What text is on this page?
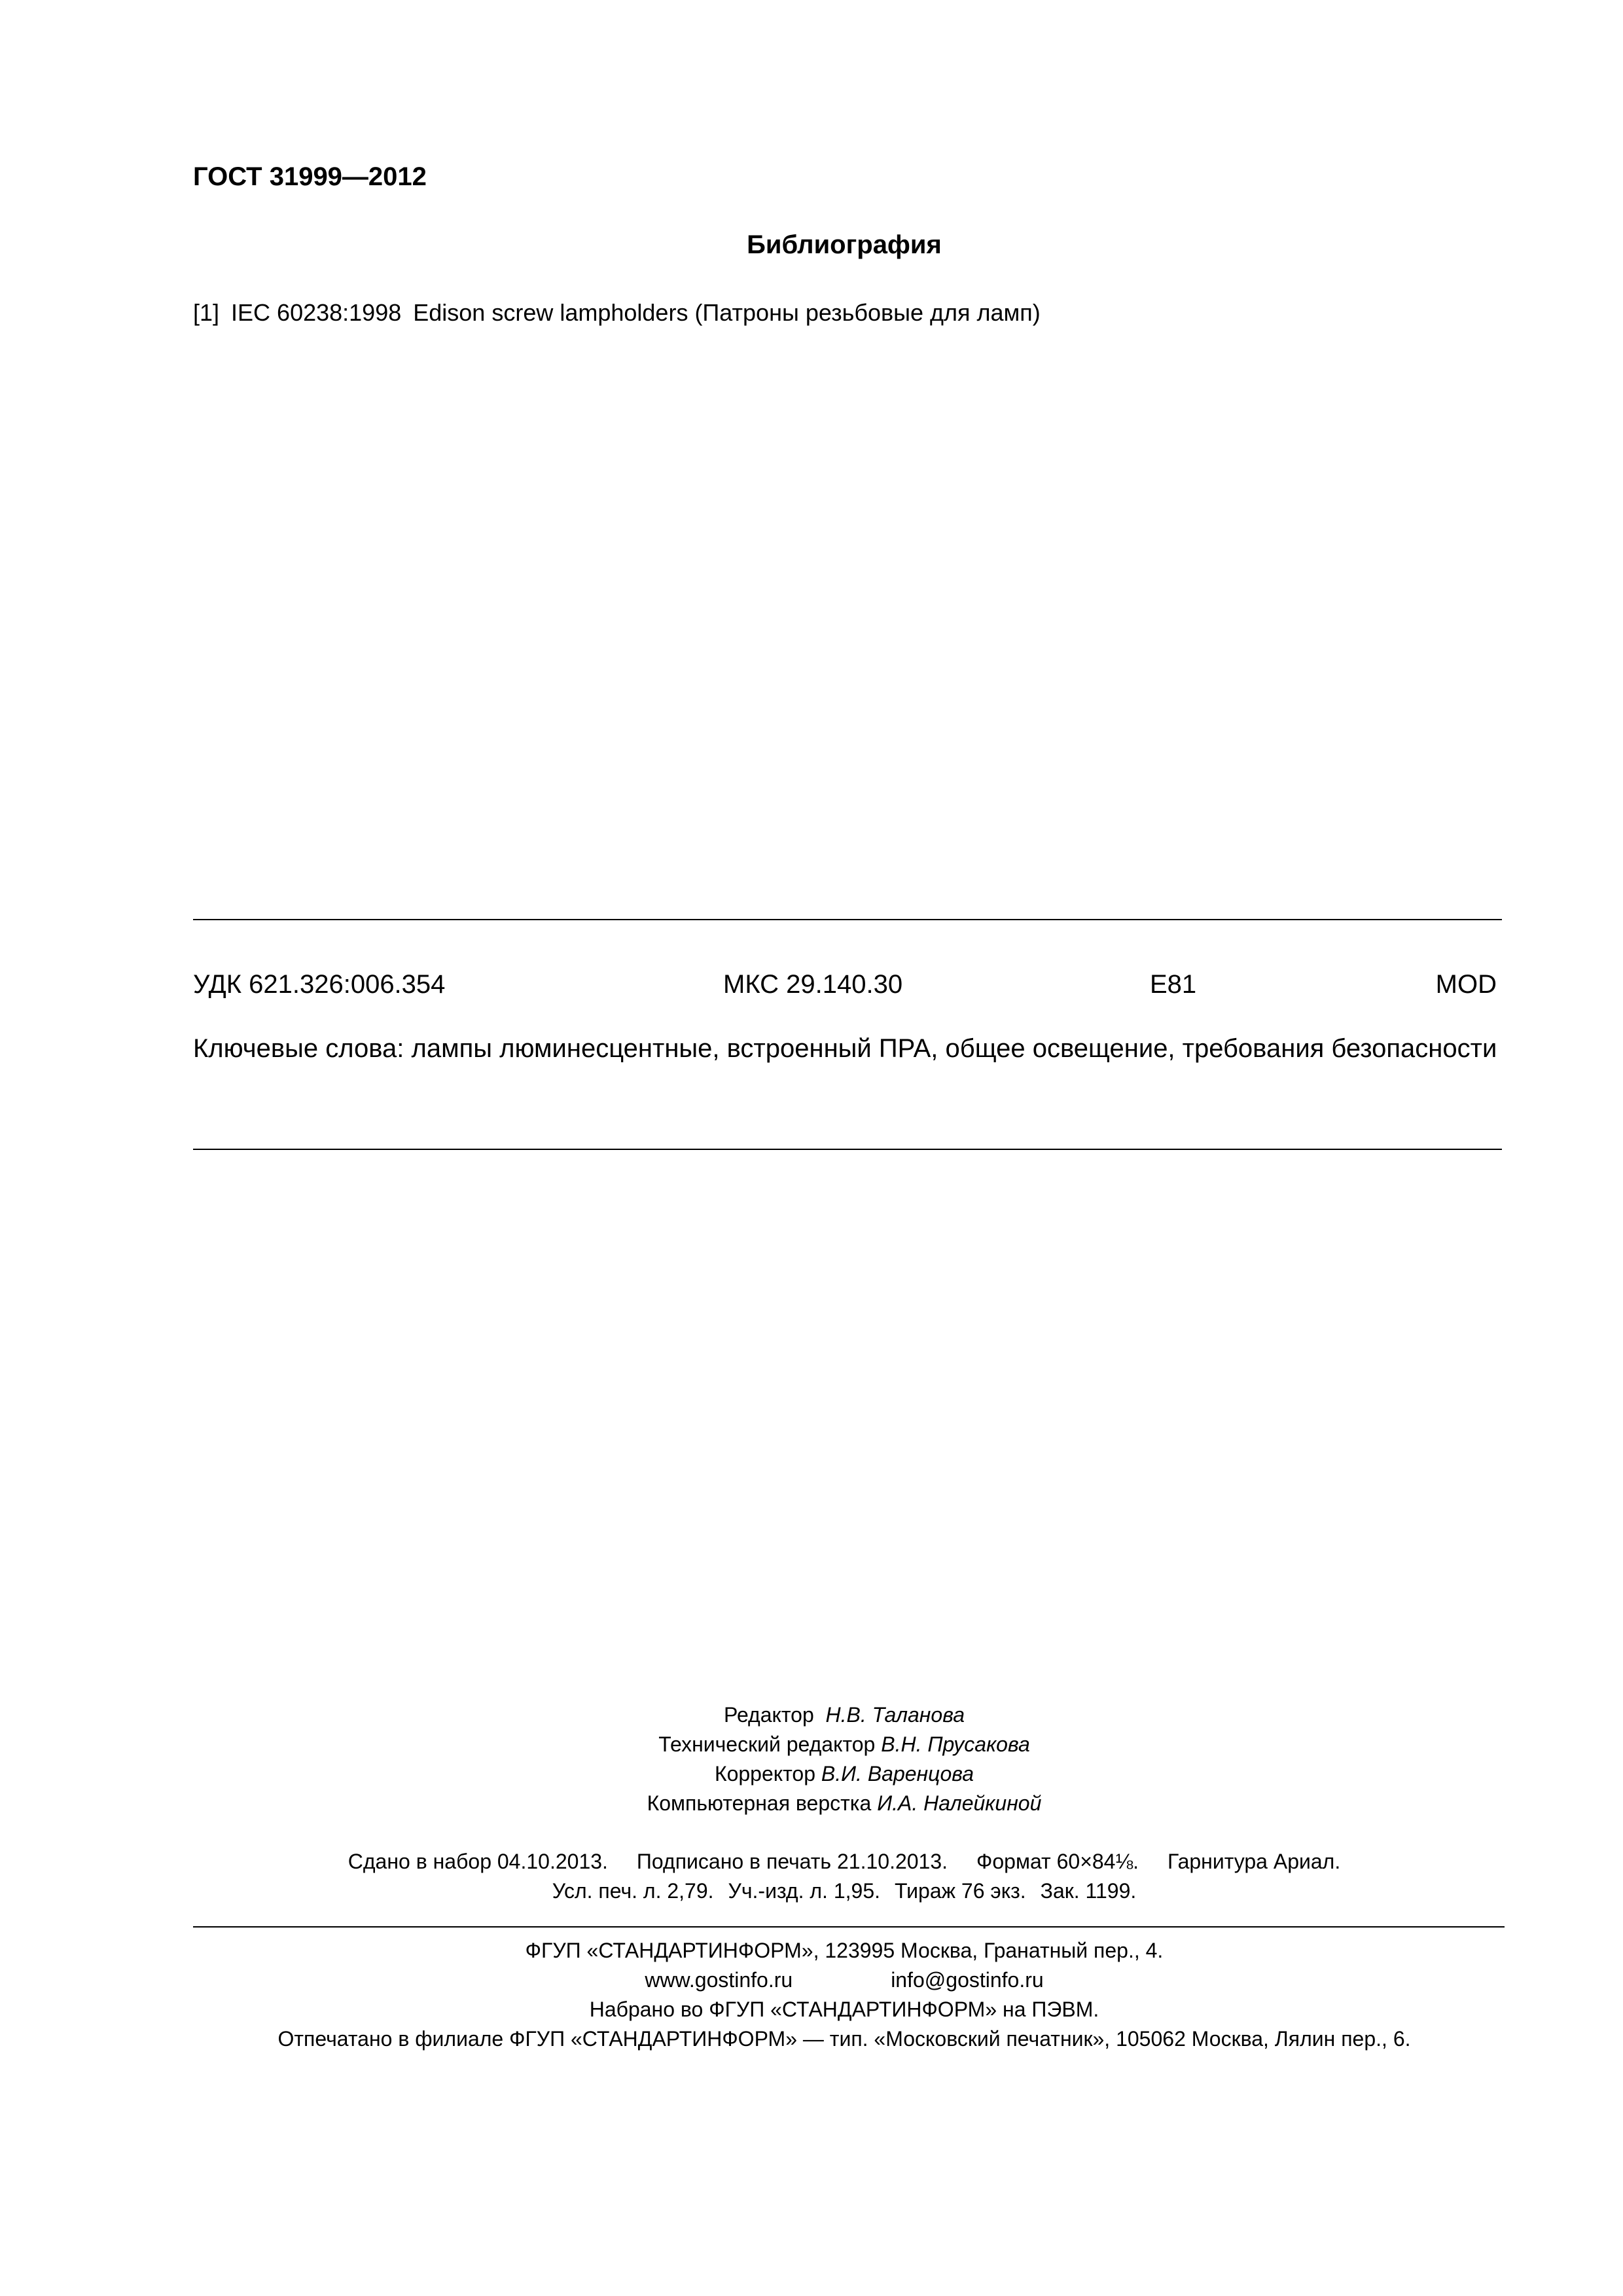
ГОСТ 31999—2012
Библиография
[1] IEC 60238:1998 Edison screw lampholders (Патроны резьбовые для ламп)
УДК 621.326:006.354	МКС 29.140.30	Е81	MOD
Ключевые слова: лампы люминесцентные, встроенный ПРА, общее освещение, требования безопасности
Редактор Н.В. Таланова
Технический редактор В.Н. Прусакова
Корректор В.И. Варенцова
Компьютерная верстка И.А. Налейкиной
Сдано в набор 04.10.2013. Подписано в печать 21.10.2013. Формат 60×84⅛. Гарнитура Ариал.
Усл. печ. л. 2,79. Уч.-изд. л. 1,95. Тираж 76 экз. Зак. 1199.
ФГУП «СТАНДАРТИНФОРМ», 123995 Москва, Гранатный пер., 4.
www.gostinfo.ru	info@gostinfo.ru
Набрано во ФГУП «СТАНДАРТИНФОРМ» на ПЭВМ.
Отпечатано в филиале ФГУП «СТАНДАРТИНФОРМ» — тип. «Московский печатник», 105062 Москва, Лялин пер., 6.
